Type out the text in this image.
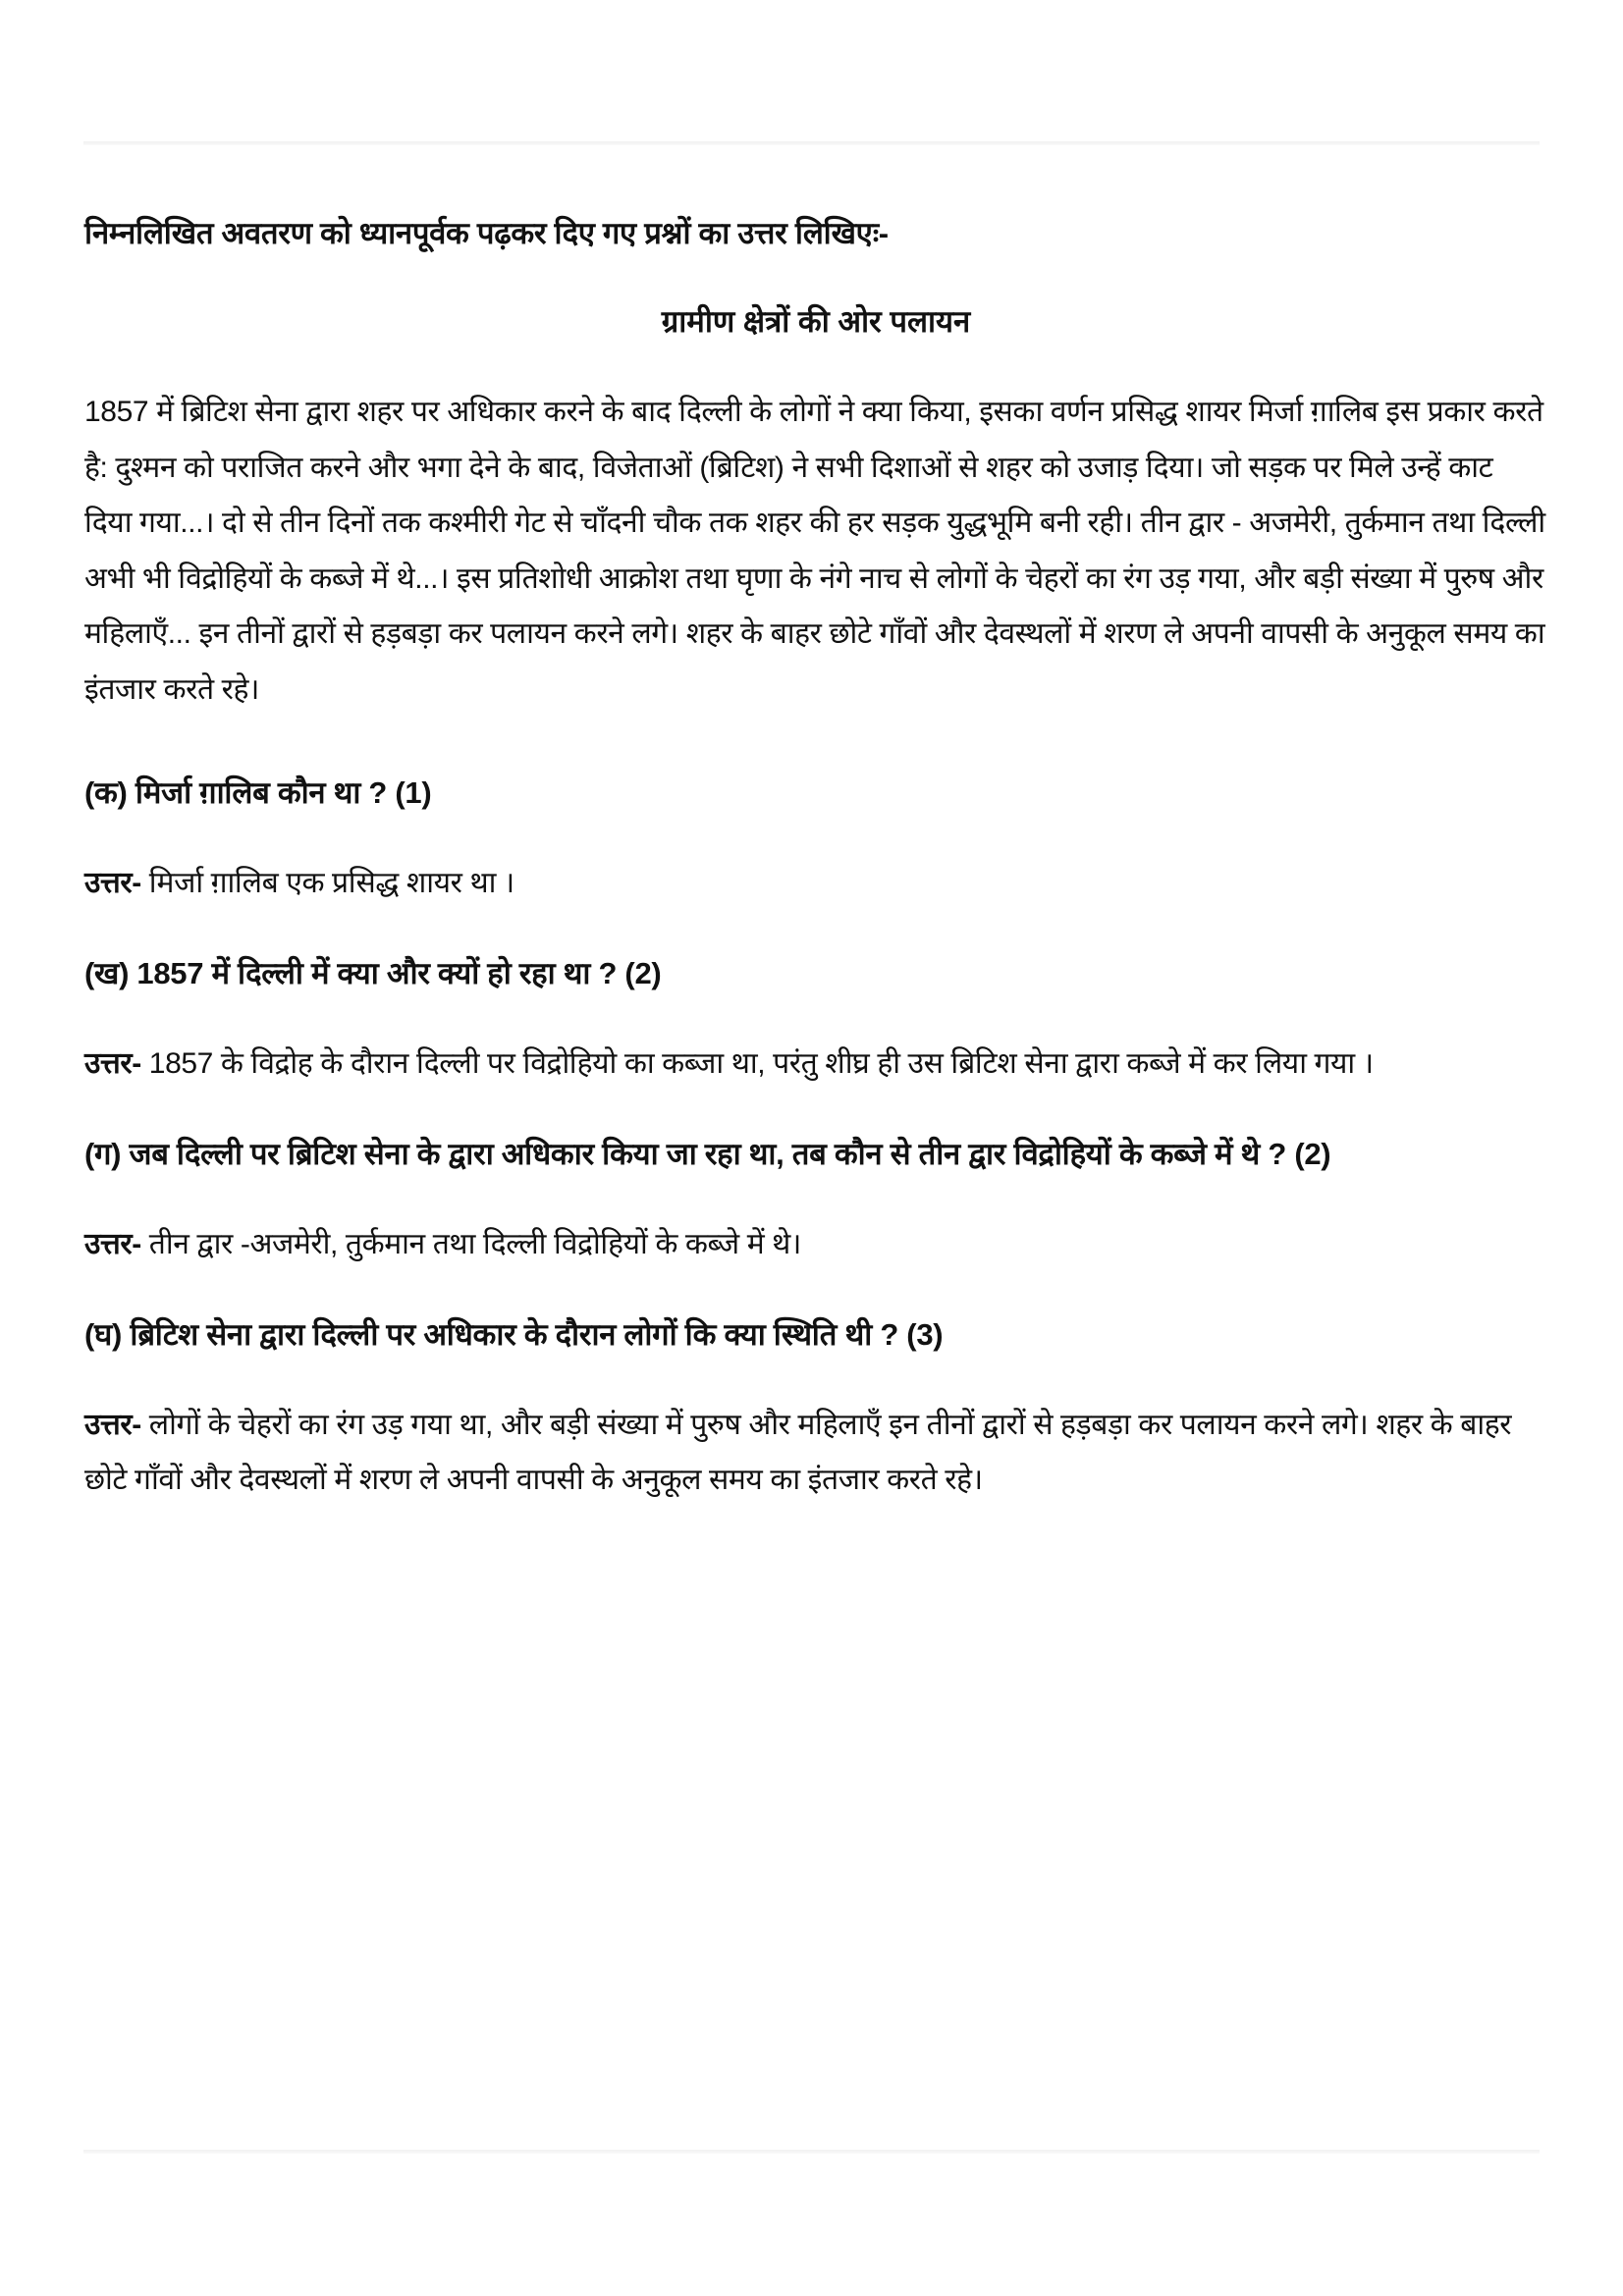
निम्नलिखित अवतरण को ध्यानपूर्वक पढ़कर दिए गए प्रश्नों का उत्तर लिखिएः-

ग्रामीण क्षेत्रों की ओर पलायन

1857 में ब्रिटिश सेना द्वारा शहर पर अधिकार करने के बाद दिल्ली के लोगों ने क्या किया, इसका वर्णन प्रसिद्ध शायर मिर्जा ग़ालिब इस प्रकार करते है: दुश्मन को पराजित करने और भगा देने के बाद, विजेताओं (ब्रिटिश) ने सभी दिशाओं से शहर को उजाड़ दिया। जो सड़क पर मिले उन्हें काट दिया गया...। दो से तीन दिनों तक कश्मीरी गेट से चाँदनी चौक तक शहर की हर सड़क युद्धभूमि बनी रही। तीन द्वार - अजमेरी, तुर्कमान तथा दिल्ली अभी भी विद्रोहियों के कब्जे में थे...। इस प्रतिशोधी आक्रोश तथा घृणा के नंगे नाच से लोगों के चेहरों का रंग उड़ गया, और बड़ी संख्या में पुरुष और महिलाएँ... इन तीनों द्वारों से हड़बड़ा कर पलायन करने लगे। शहर के बाहर छोटे गाँवों और देवस्थलों में शरण ले अपनी वापसी के अनुकूल समय का इंतजार करते रहे।

(क) मिर्जा ग़ालिब कौन था ? (1)

उत्तर- मिर्जा ग़ालिब एक प्रसिद्ध शायर था ।

(ख) 1857 में दिल्ली में क्या और क्यों हो रहा था ? (2)

उत्तर- 1857 के विद्रोह के दौरान दिल्ली पर विद्रोहियो का कब्जा था, परंतु शीघ्र ही उस ब्रिटिश सेना द्वारा कब्जे में कर लिया गया ।

(ग) जब दिल्ली पर ब्रिटिश सेना के द्वारा अधिकार किया जा रहा था, तब कौन से तीन द्वार विद्रोहियों के कब्जे में थे ? (2)

उत्तर- तीन द्वार -अजमेरी, तुर्कमान तथा दिल्ली विद्रोहियों के कब्जे में थे।

(घ) ब्रिटिश सेना द्वारा दिल्ली पर अधिकार के दौरान लोगों कि क्या स्थिति थी ? (3)

उत्तर- लोगों के चेहरों का रंग उड़ गया था, और बड़ी संख्या में पुरुष और महिलाएँ इन तीनों द्वारों से हड़बड़ा कर पलायन करने लगे। शहर के बाहर छोटे गाँवों और देवस्थलों में शरण ले अपनी वापसी के अनुकूल समय का इंतजार करते रहे।
